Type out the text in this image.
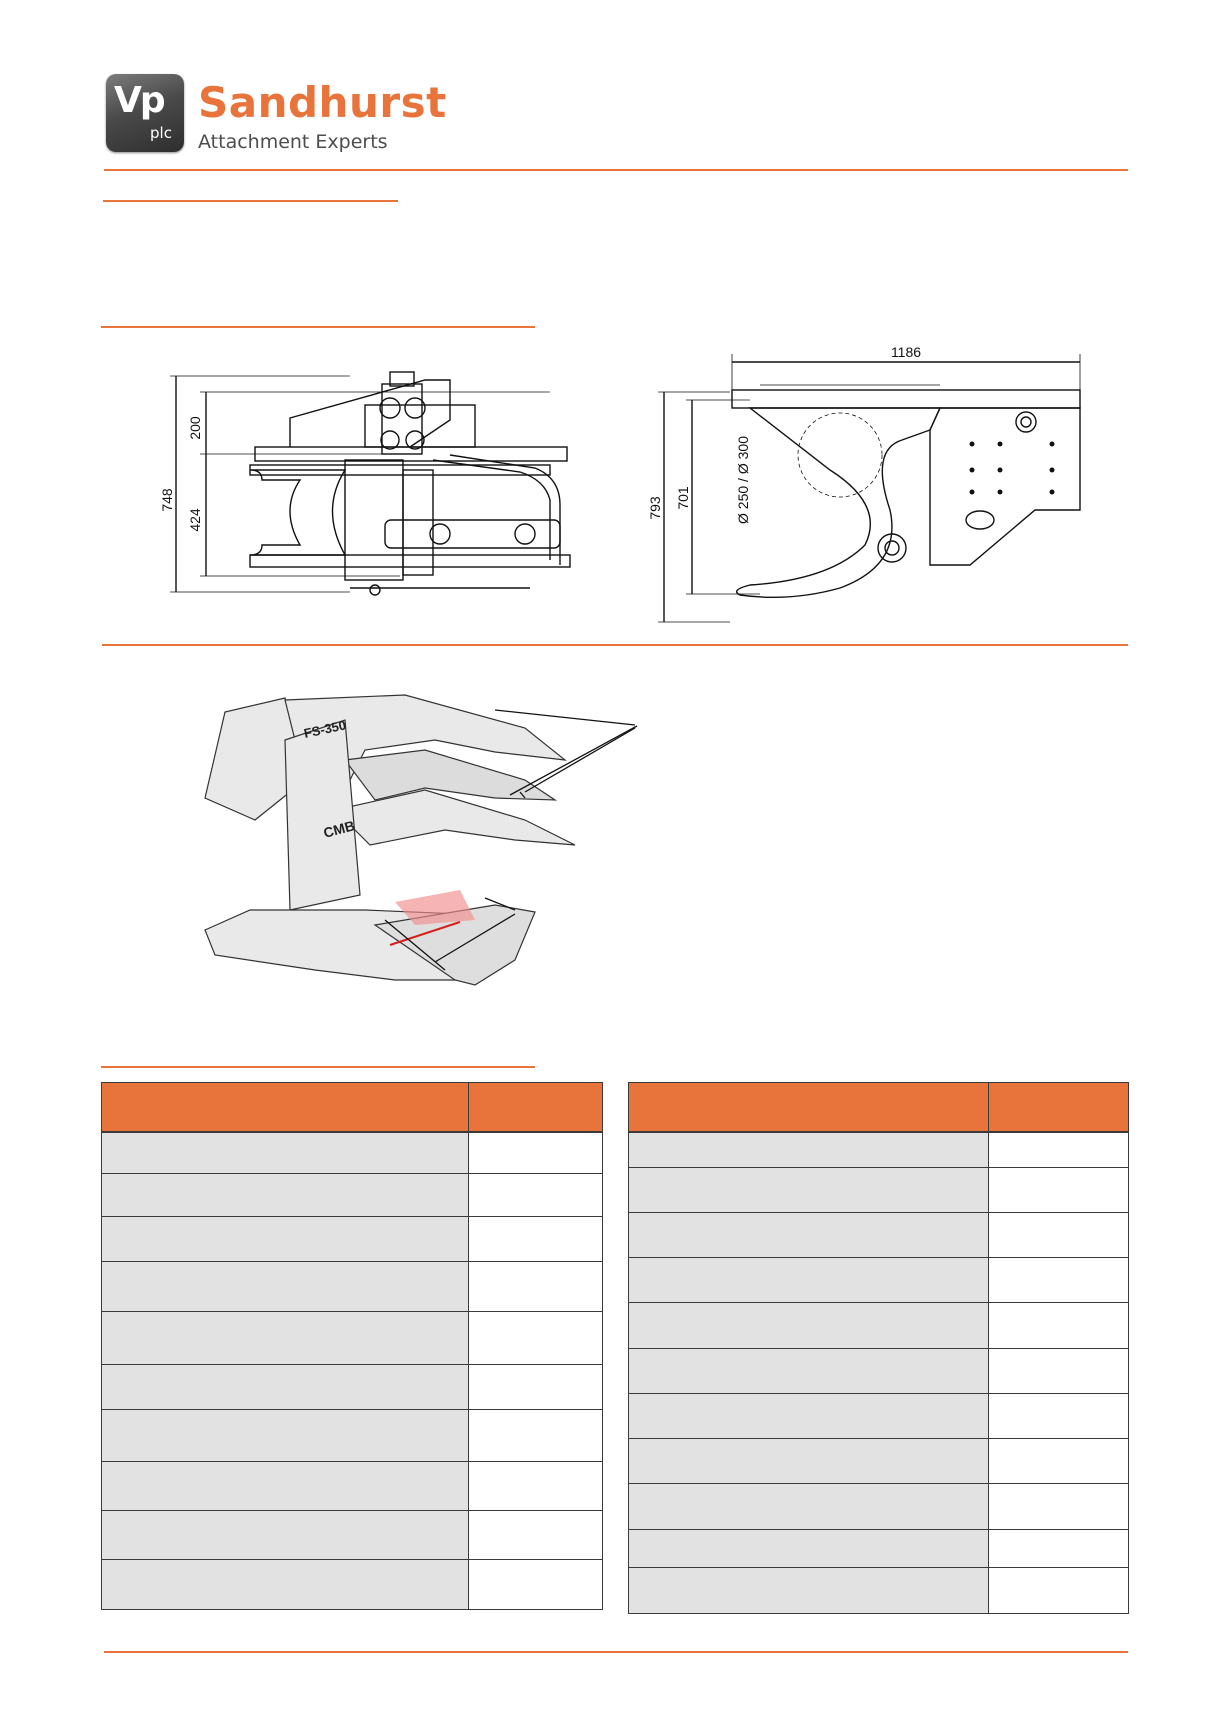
Vp
plc
Sandhurst
Attachment Experts
748
200
424
1186
793 701	Ø 250 / Ø 300
FS-350
CMB
